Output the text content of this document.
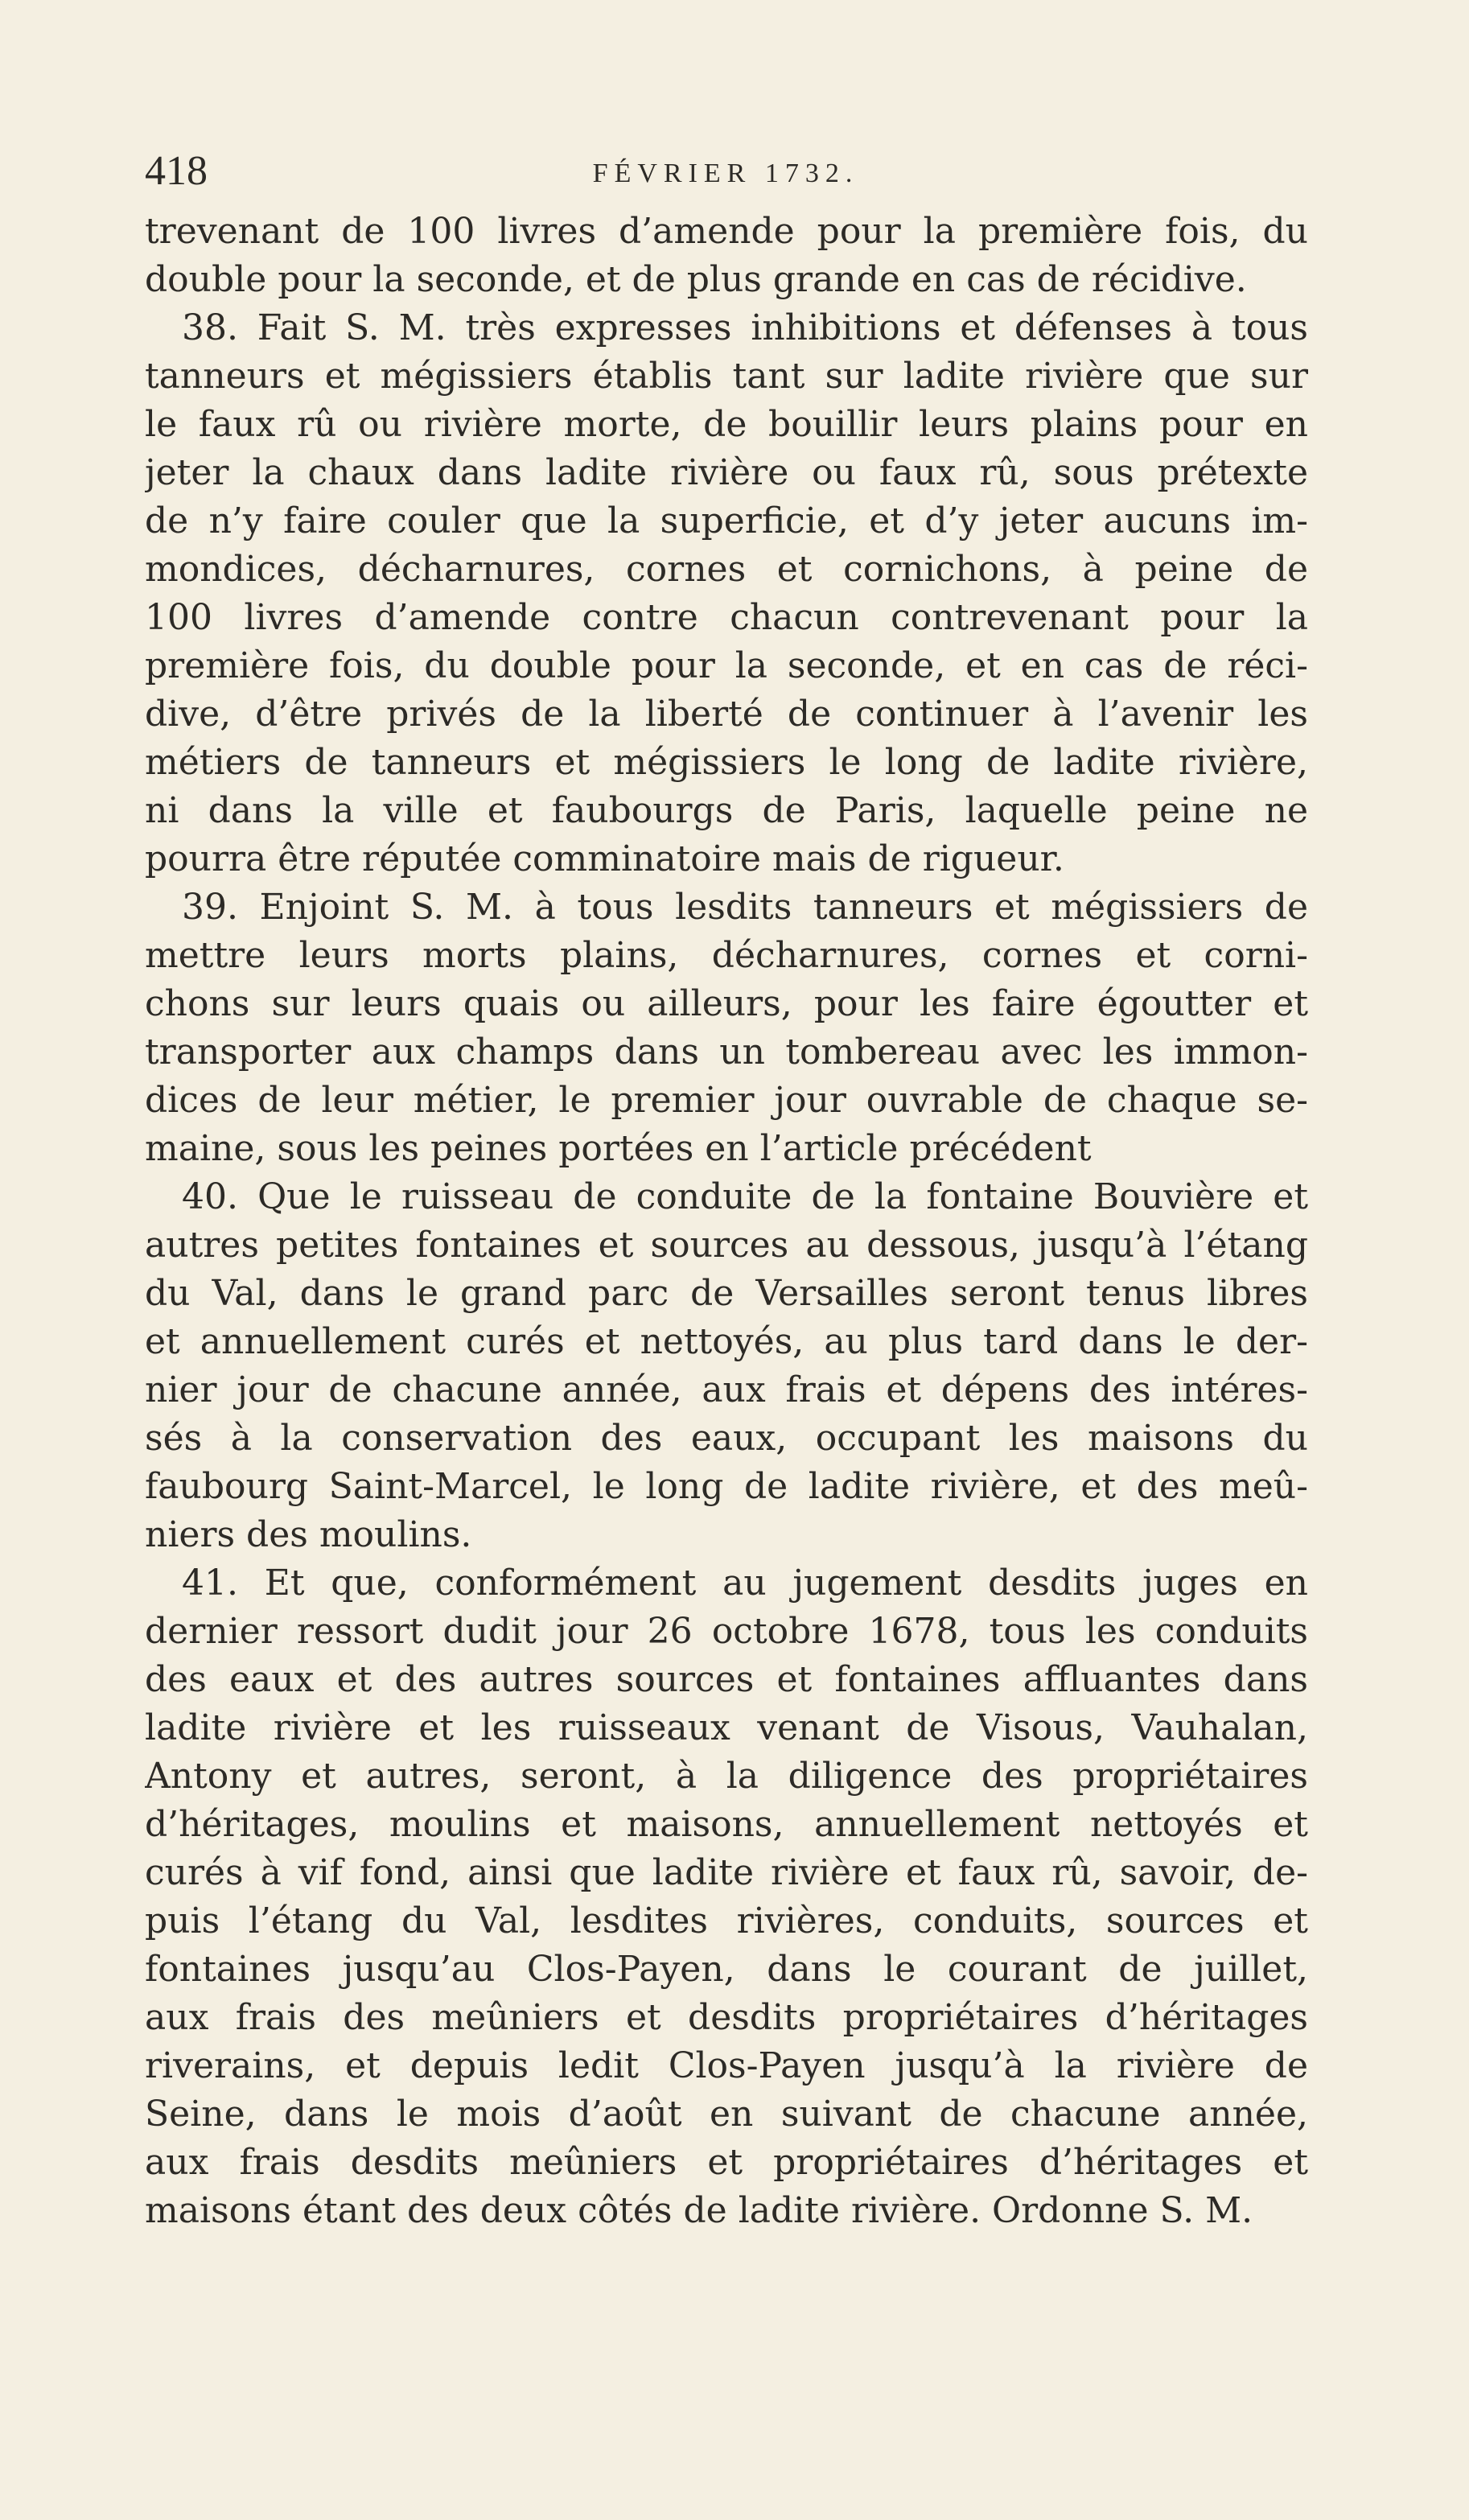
418	FÉVRIER 1732.
trevenant de 100 livres d’amende pour la première fois, du
double pour la seconde, et de plus grande en cas de récidive.
38. Fait S. M. très expresses inhibitions et défenses à tous
tanneurs et mégissiers établis tant sur ladite rivière que sur
le faux rû ou rivière morte, de bouillir leurs plains pour en
jeter la chaux dans ladite rivière ou faux rû, sous prétexte
de n’y faire couler que la superficie, et d’y jeter aucuns im-
mondices, décharnures, cornes et cornichons, à peine de
100 livres d’amende contre chacun contrevenant pour la
première fois, du double pour la seconde, et en cas de réci-
dive, d’être privés de la liberté de continuer à l’avenir les
métiers de tanneurs et mégissiers le long de ladite rivière,
ni dans la ville et faubourgs de Paris, laquelle peine ne
pourra être réputée comminatoire mais de rigueur.
39. Enjoint S. M. à tous lesdits tanneurs et mégissiers de
mettre leurs morts plains, décharnures, cornes et corni-
chons sur leurs quais ou ailleurs, pour les faire égoutter et
transporter aux champs dans un tombereau avec les immon-
dices de leur métier, le premier jour ouvrable de chaque se-
maine, sous les peines portées en l’article précédent
40. Que le ruisseau de conduite de la fontaine Bouvière et
autres petites fontaines et sources au dessous, jusqu’à l’étang
du Val, dans le grand parc de Versailles seront tenus libres
et annuellement curés et nettoyés, au plus tard dans le der-
nier jour de chacune année, aux frais et dépens des intéres-
sés à la conservation des eaux, occupant les maisons du
faubourg Saint-Marcel, le long de ladite rivière, et des meû-
niers des moulins.
41. Et que, conformément au jugement desdits juges en
dernier ressort dudit jour 26 octobre 1678, tous les conduits
des eaux et des autres sources et fontaines affluantes dans
ladite rivière et les ruisseaux venant de Visous, Vauhalan,
Antony et autres, seront, à la diligence des propriétaires
d’héritages, moulins et maisons, annuellement nettoyés et
curés à vif fond, ainsi que ladite rivière et faux rû, savoir, de-
puis l’étang du Val, lesdites rivières, conduits, sources et
fontaines jusqu’au Clos-Payen, dans le courant de juillet,
aux frais des meûniers et desdits propriétaires d’héritages
riverains, et depuis ledit Clos-Payen jusqu’à la rivière de
Seine, dans le mois d’août en suivant de chacune année,
aux frais desdits meûniers et propriétaires d’héritages et
maisons étant des deux côtés de ladite rivière. Ordonne S. M.
